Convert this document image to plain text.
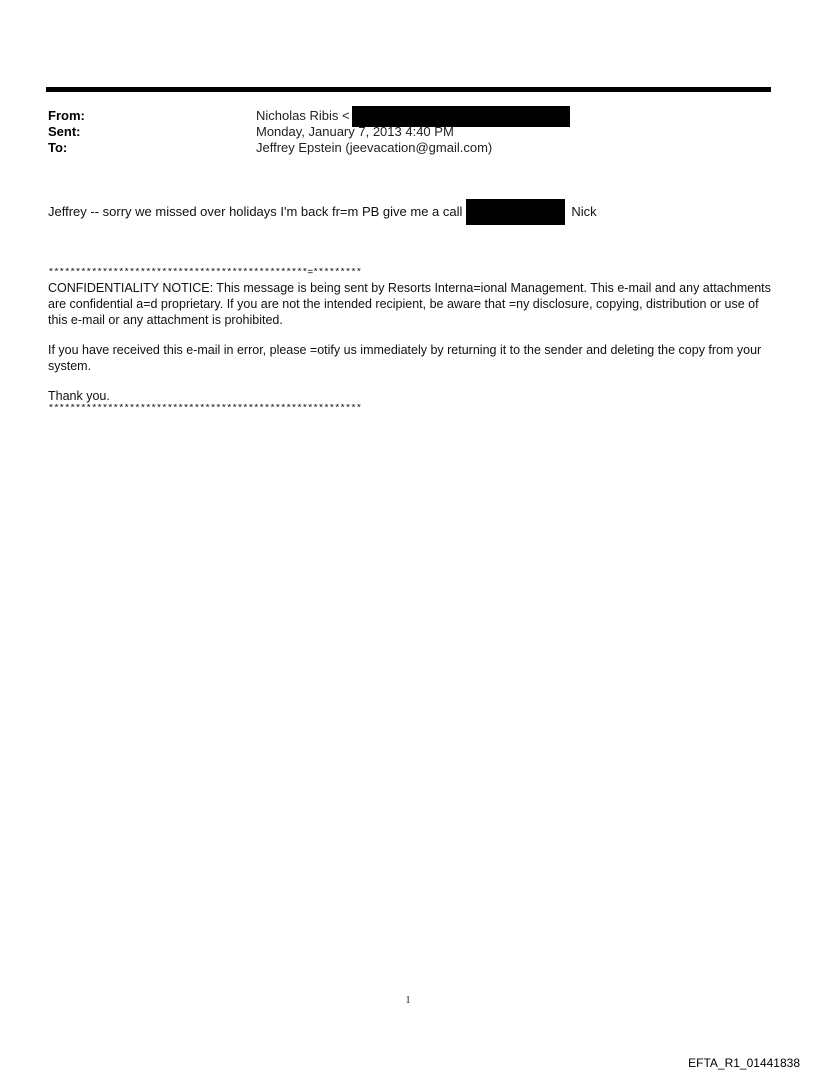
From:	Nicholas Ribis <
Sent:	Monday, January 7, 2013 4:40 PM
To:	Jeffrey Epstein (jeevacation@gmail.com)
Jeffrey -- sorry we missed over holidays I'm back fr=m PB give me a call	Nick
************************************************=*********

CONFIDENTIALITY NOTICE: This message is being sent by Resorts Interna=ional Management. This e-mail and any attachments are confidential a=d proprietary. If you are not the intended recipient, be aware that =ny disclosure, copying, distribution or use of this e-mail or any attachment is prohibited.

If you have received this e-mail in error, please =otify us immediately by returning it to the sender and deleting the copy from your system.

Thank you.

**********************************************************
1
EFTA_R1_01441838
